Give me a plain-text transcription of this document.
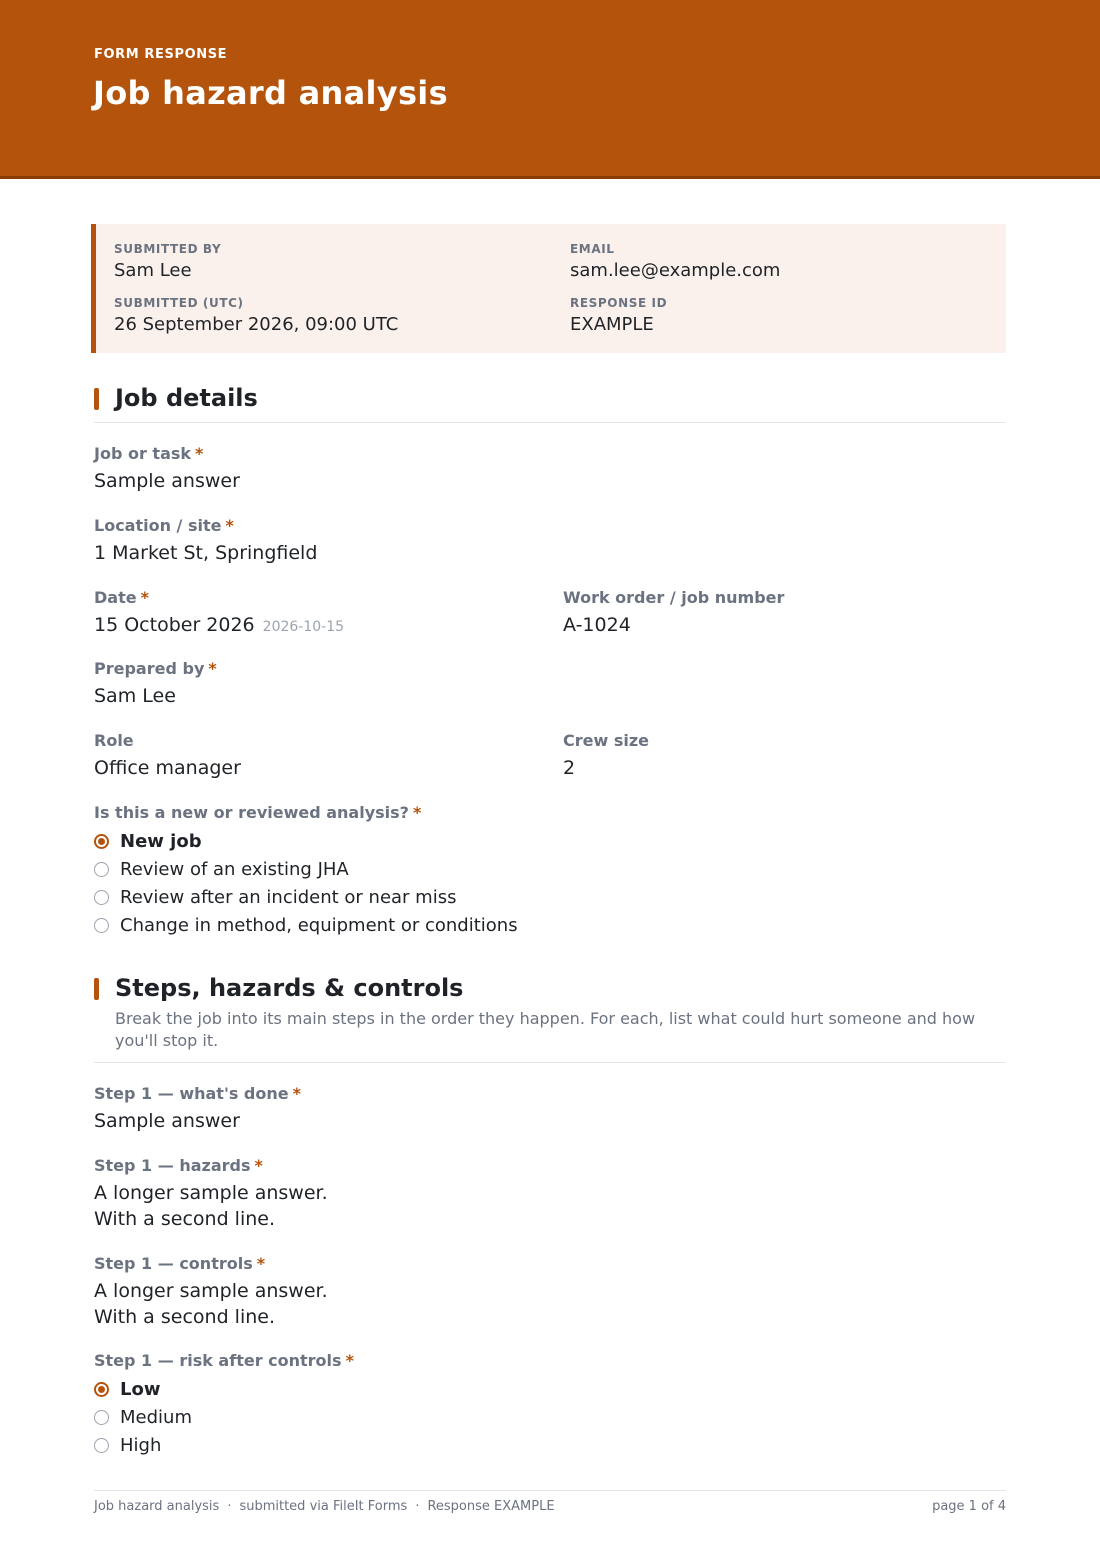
FORM RESPONSE
Job hazard analysis
SUBMITTED BY
Sam Lee
EMAIL
sam.lee@example.com
SUBMITTED (UTC)
26 September 2026, 09:00 UTC
RESPONSE ID
EXAMPLE
Job details
Job or task *
Sample answer
Location / site *
1 Market St, Springfield
Date *
15 October 2026 2026-10-15
Work order / job number
A-1024
Prepared by *
Sam Lee
Role
Office manager
Crew size
2
Is this a new or reviewed analysis? *
New job
Review of an existing JHA
Review after an incident or near miss
Change in method, equipment or conditions
Steps, hazards & controls
Break the job into its main steps in the order they happen. For each, list what could hurt someone and how you'll stop it.
Step 1 — what's done *
Sample answer
Step 1 — hazards *
A longer sample answer.
With a second line.
Step 1 — controls *
A longer sample answer.
With a second line.
Step 1 — risk after controls *
Low
Medium
High
Job hazard analysis · submitted via FileIt Forms · Response EXAMPLE	page 1 of 4
